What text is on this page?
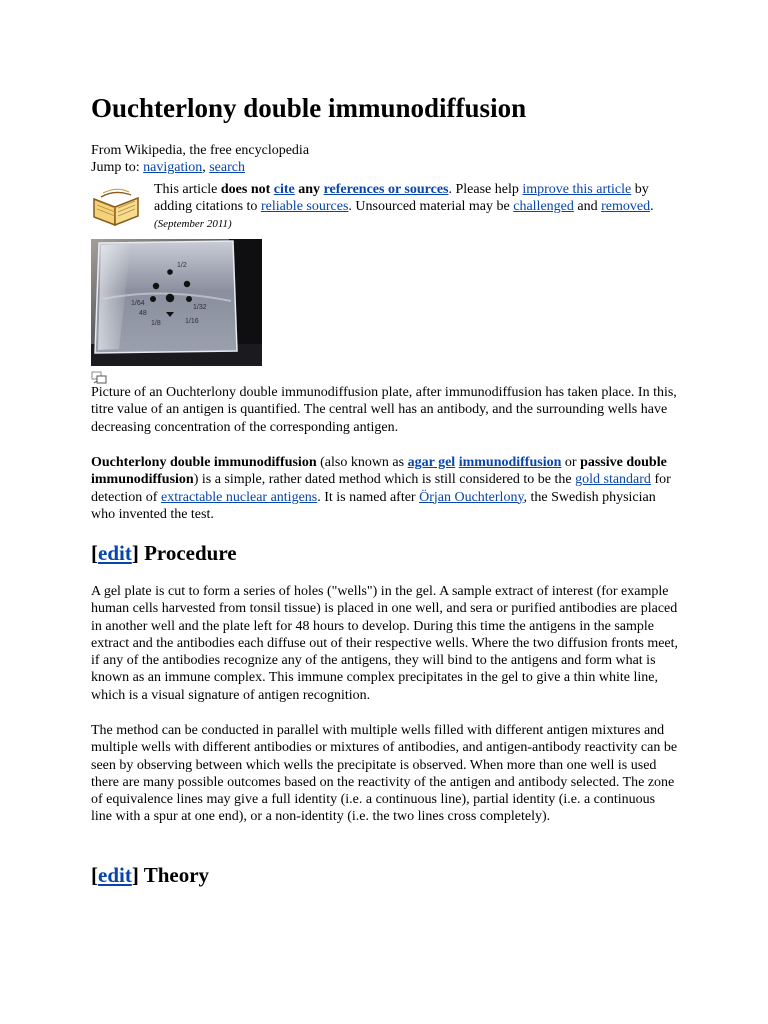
Ouchterlony double immunodiffusion
From Wikipedia, the free encyclopedia
Jump to: navigation, search
This article does not cite any references or sources. Please help improve this article by adding citations to reliable sources. Unsourced material may be challenged and removed. (September 2011)
48
1/8	1/16
1/32
1/64
1/2

Picture of an Ouchterlony double immunodiffusion plate, after immunodiffusion has taken place. In this, titre value of an antigen is quantified. The central well has an antibody, and the surrounding wells have decreasing concentration of the corresponding antigen.

Ouchterlony double immunodiffusion (also known as agar gel immunodiffusion or passive double immunodiffusion) is a simple, rather dated method which is still considered to be the gold standard for detection of extractable nuclear antigens. It is named after Örjan Ouchterlony, the Swedish physician who invented the test.

[edit] Procedure

A gel plate is cut to form a series of holes ("wells") in the gel. A sample extract of interest (for example human cells harvested from tonsil tissue) is placed in one well, and sera or purified antibodies are placed in another well and the plate left for 48 hours to develop. During this time the antigens in the sample extract and the antibodies each diffuse out of their respective wells. Where the two diffusion fronts meet, if any of the antibodies recognize any of the antigens, they will bind to the antigens and form what is known as an immune complex. This immune complex precipitates in the gel to give a thin white line, which is a visual signature of antigen recognition.

The method can be conducted in parallel with multiple wells filled with different antigen mixtures and multiple wells with different antibodies or mixtures of antibodies, and antigen-antibody reactivity can be seen by observing between which wells the precipitate is observed. When more than one well is used there are many possible outcomes based on the reactivity of the antigen and antibody selected. The zone of equivalence lines may give a full identity (i.e. a continuous line), partial identity (i.e. a continuous line with a spur at one end), or a non-identity (i.e. the two lines cross completely).

[edit] Theory
